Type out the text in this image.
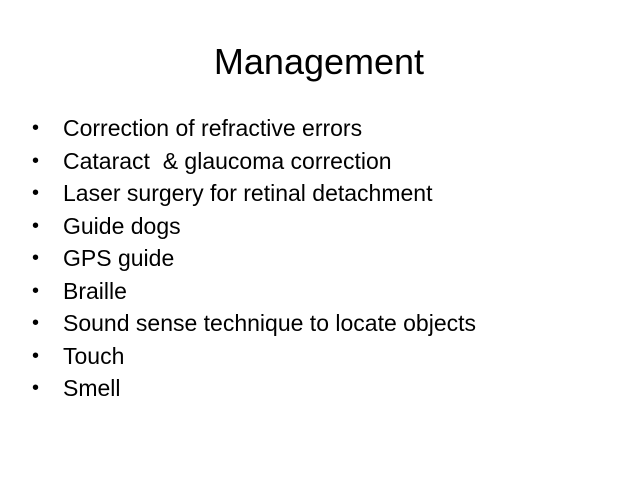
Management
•	Correction of refractive errors
•	Cataract  & glaucoma correction
•	Laser surgery for retinal detachment
•	Guide dogs
•	GPS guide
•	Braille
•	Sound sense technique to locate objects
•	Touch
•	Smell
